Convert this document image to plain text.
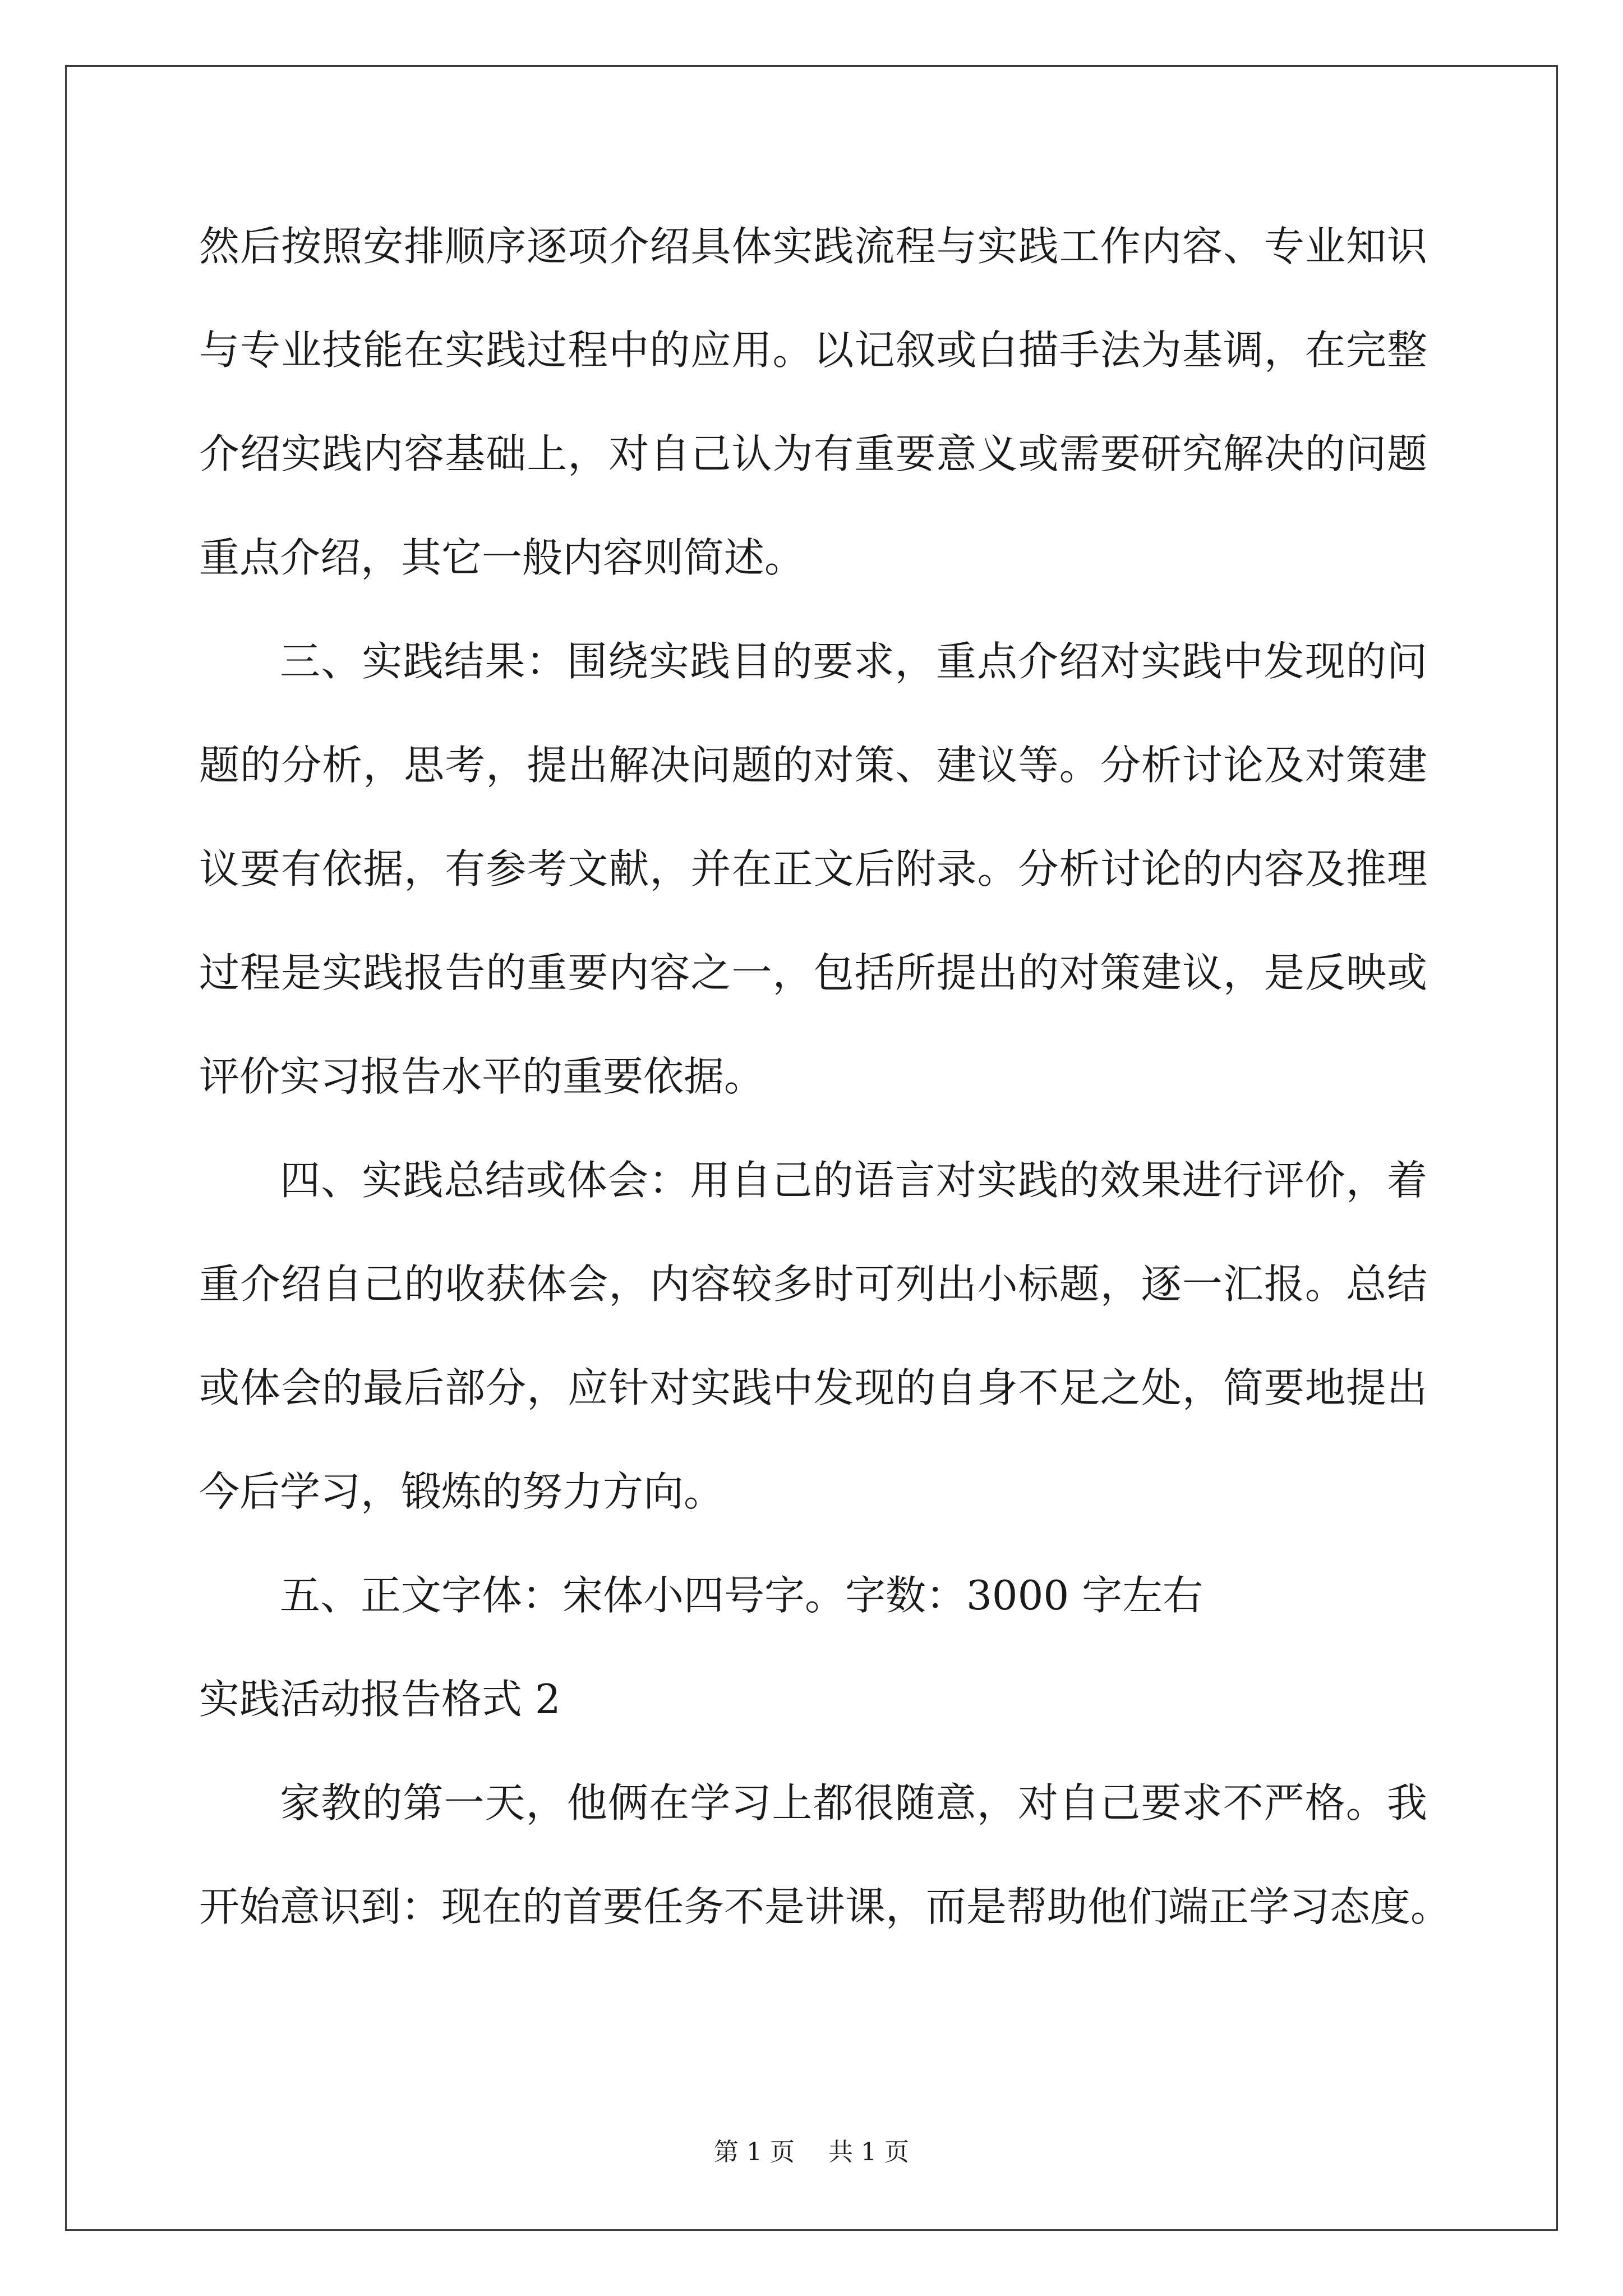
然后按照安排顺序逐项介绍具体实践流程与实践工作内容、专业知识
与专业技能在实践过程中的应用。以记叙或白描手法为基调，在完整
介绍实践内容基础上，对自己认为有重要意义或需要研究解决的问题
重点介绍，其它一般内容则简述。
三、实践结果：围绕实践目的要求，重点介绍对实践中发现的问
题的分析，思考，提出解决问题的对策、建议等。分析讨论及对策建
议要有依据，有参考文献，并在正文后附录。分析讨论的内容及推理
过程是实践报告的重要内容之一，包括所提出的对策建议，是反映或
评价实习报告水平的重要依据。
四、实践总结或体会：用自己的语言对实践的效果进行评价，着
重介绍自己的收获体会，内容较多时可列出小标题，逐一汇报。总结
或体会的最后部分，应针对实践中发现的自身不足之处，简要地提出
今后学习，锻炼的努力方向。
五、正文字体：宋体小四号字。字数：3000 字左右
实践活动报告格式 2
家教的第一天，他俩在学习上都很随意，对自己要求不严格。我
开始意识到：现在的首要任务不是讲课，而是帮助他们端正学习态度。
第 1 页 共 1 页
